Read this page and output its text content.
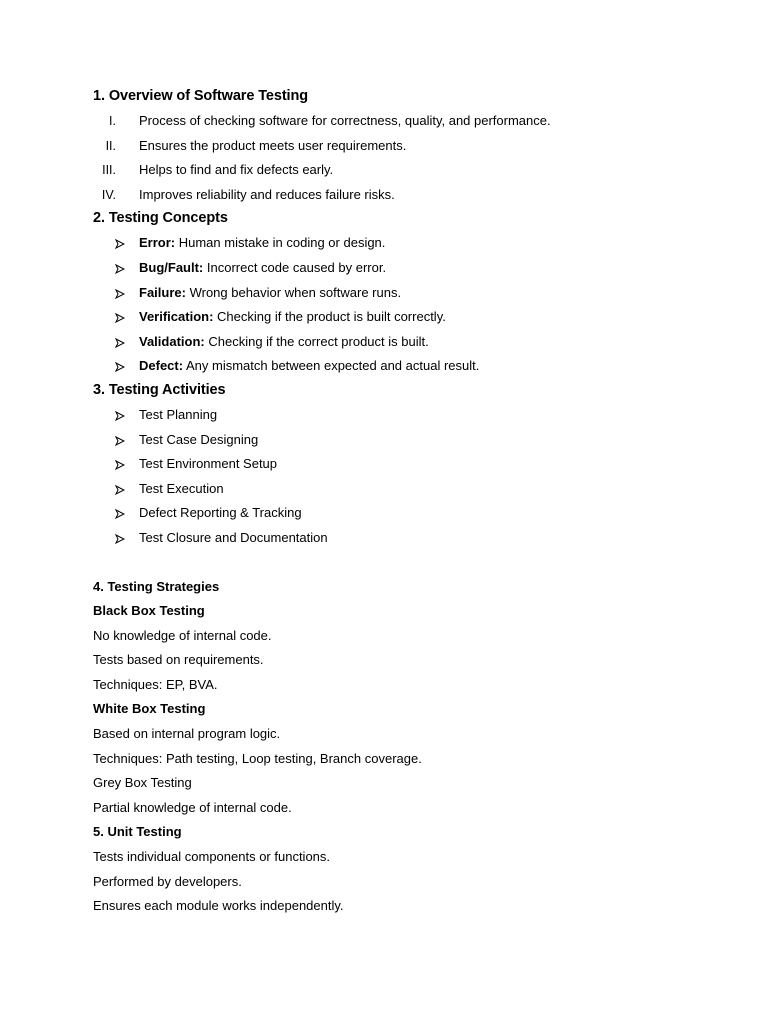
1. Overview of Software Testing
I. Process of checking software for correctness, quality, and performance.
II. Ensures the product meets user requirements.
III. Helps to find and fix defects early.
IV. Improves reliability and reduces failure risks.
2. Testing Concepts
Error: Human mistake in coding or design.
Bug/Fault: Incorrect code caused by error.
Failure: Wrong behavior when software runs.
Verification: Checking if the product is built correctly.
Validation: Checking if the correct product is built.
Defect: Any mismatch between expected and actual result.
3. Testing Activities
Test Planning
Test Case Designing
Test Environment Setup
Test Execution
Defect Reporting & Tracking
Test Closure and Documentation
4. Testing Strategies
Black Box Testing
No knowledge of internal code.
Tests based on requirements.
Techniques: EP, BVA.
White Box Testing
Based on internal program logic.
Techniques: Path testing, Loop testing, Branch coverage.
Grey Box Testing
Partial knowledge of internal code.
5. Unit Testing
Tests individual components or functions.
Performed by developers.
Ensures each module works independently.
